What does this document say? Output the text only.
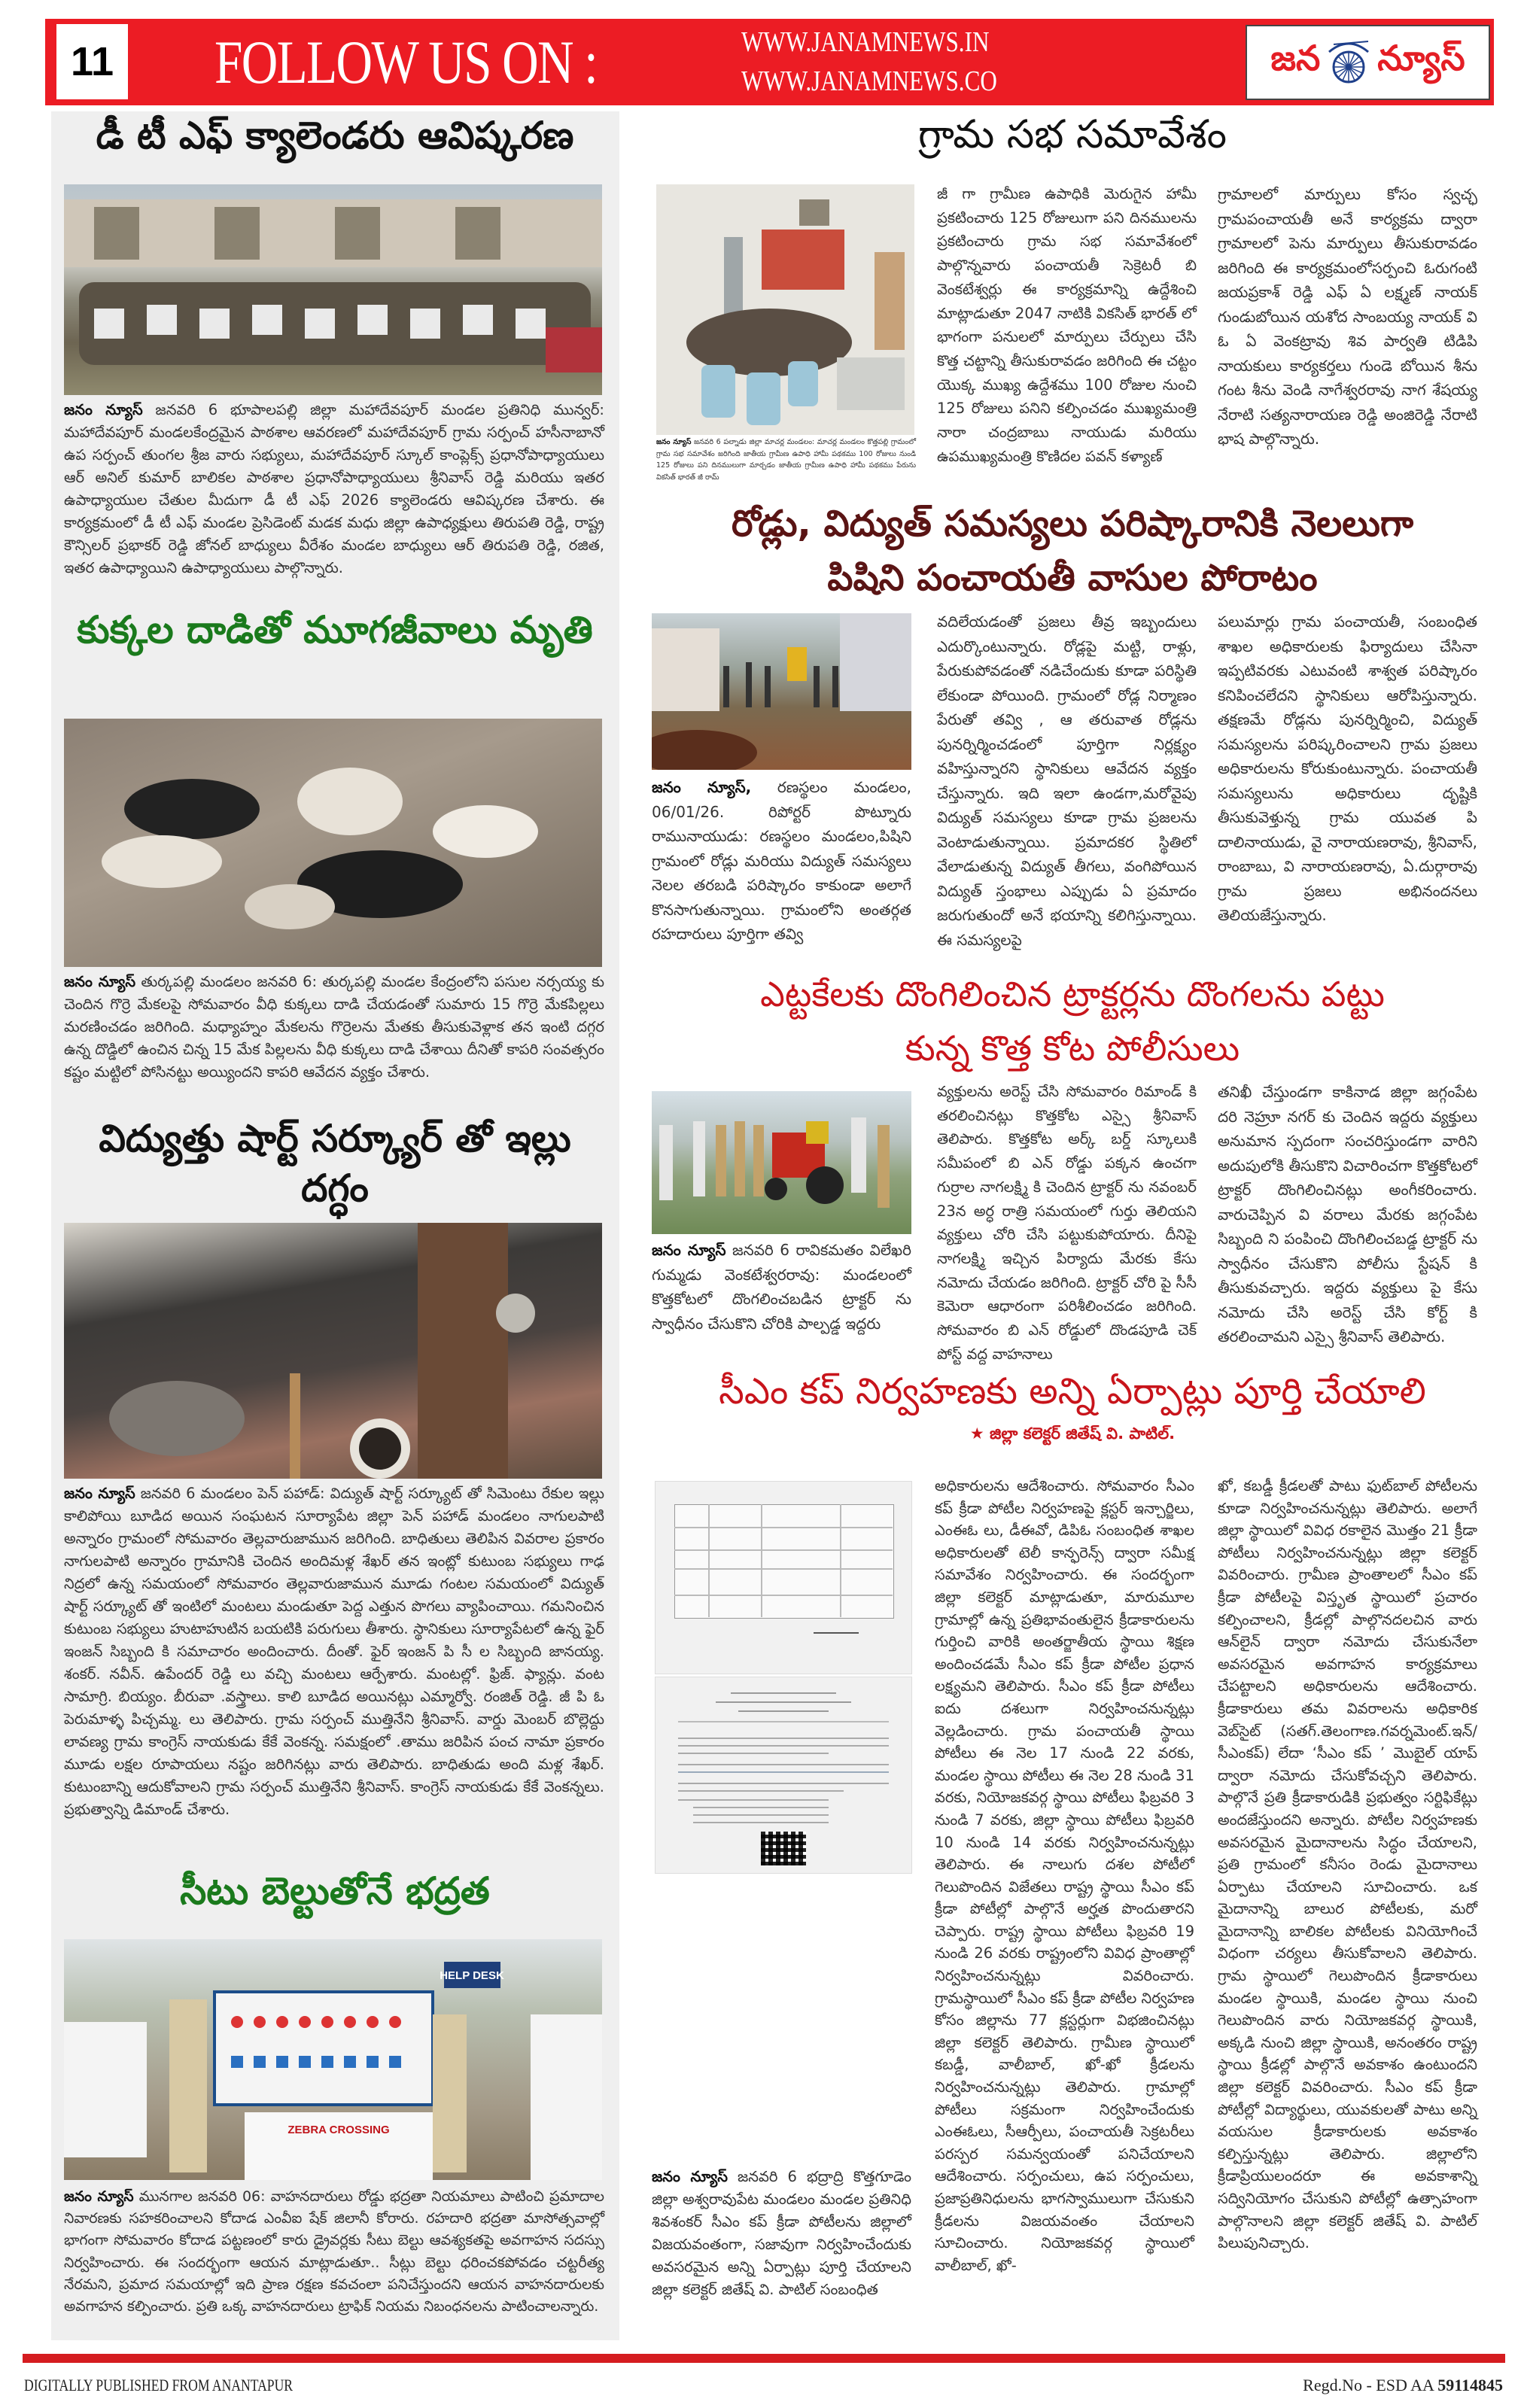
11 FOLLOW US ON :	WWW.JANAMNEWS.IN
WWW.JANAMNEWS.CO
జన న్యూస్
డీ టీ ఎఫ్ క్యాలెండరు ఆవిష్కరణ
జనం న్యూస్ జనవరి 6 భూపాలపల్లి జిల్లా మహాదేవపూర్ మండల ప్రతినిధి మున్వర్: మహాదేవపూర్ మండలకేంద్రమైన పాఠశాల ఆవరణలో మహాదేవపూర్ గ్రామ సర్పంచ్ హసీనాబానో ఉప సర్పంచ్ తుంగల శ్రీజ వారు సభ్యులు, మహాదేవపూర్ స్కూల్ కాంప్లెక్స్ ప్రధానోపాధ్యాయులు ఆర్ అనిల్ కుమార్ బాలికల పాఠశాల ప్రధానోపాధ్యాయులు శ్రీనివాస్ రెడ్డి మరియు ఇతర ఉపాధ్యాయుల చేతుల మీదుగా డీ టీ ఎఫ్ 2026 క్యాలెండరు ఆవిష్కరణ చేశారు. ఈ కార్యక్రమంలో డీ టీ ఎఫ్ మండల ప్రెసిడెంట్ మడక మధు జిల్లా ఉపాధ్యక్షులు తిరుపతి రెడ్డి, రాష్ట్ర కౌన్సిలర్ ప్రభాకర్ రెడ్డి జోనల్ బాధ్యులు వీరేశం మండల బాధ్యులు ఆర్ తిరుపతి రెడ్డి, రజిత, ఇతర ఉపాధ్యాయిని ఉపాధ్యాయులు పాల్గొన్నారు.
కుక్కల దాడితో మూగజీవాలు మృతి
జనం న్యూస్ తుర్కపల్లి మండలం జనవరి 6: తుర్కపల్లి మండల కేంద్రంలోని పసుల నర్సయ్య కు చెందిన గొర్రె మేకలపై సోమవారం వీధి కుక్కలు దాడి చేయడంతో సుమారు 15 గొర్రె మేకపిల్లలు మరణించడం జరిగింది. మధ్యాహ్నం మేకలను గొర్రెలను మేతకు తీసుకువెళ్లాక తన ఇంటి దగ్గర ఉన్న దొడ్డిలో ఉంచిన చిన్న 15 మేక పిల్లలను వీధి కుక్కలు దాడి చేశాయి దీనితో కాపరి సంవత్సరం కష్టం మట్టిలో పోసినట్టు అయ్యిందని కాపరి ఆవేదన వ్యక్తం చేశారు.
విద్యుత్తు షార్ట్ సర్క్యూర్ తో ఇల్లు దగ్ధం
జనం న్యూస్ జనవరి 6 మండలం పెన్ పహాడ్: విద్యుత్ షార్ట్ సర్క్యూట్ తో సిమెంటు రేకుల ఇల్లు కాలిపోయి బూడిద అయిన సంఘటన సూర్యాపేట జిల్లా పెన్ పహాడ్ మండలం నాగులపాటి అన్నారం గ్రామంలో సోమవారం తెల్లవారుజామున జరిగింది. బాధితులు తెలిపిన వివరాల ప్రకారం నాగులపాటి అన్నారం గ్రామానికి చెందిన అందిమళ్ల శేఖర్ తన ఇంట్లో కుటుంబ సభ్యులు గాఢ నిద్రలో ఉన్న సమయంలో సోమవారం తెల్లవారుజామున మూడు గంటల సమయంలో విద్యుత్ షార్ట్ సర్క్యూట్ తో ఇంటిలో మంటలు మండుతూ పెద్ద ఎత్తున పొగలు వ్యాపించాయి. గమనించిన కుటుంబ సభ్యులు హుటాహుటిన బయటికి పరుగులు తీశారు. స్థానికులు సూర్యాపేటలో ఉన్న ఫైర్ ఇంజన్ సిబ్బంది కి సమాచారం అందించారు. దీంతో. ఫైర్ ఇంజన్ పి సీ ల సిబ్బంది జానయ్య. శంకర్. నవీన్. ఉపేందర్ రెడ్డి లు వచ్చి మంటలు ఆర్పేశారు. మంటల్లో. ఫ్రిజ్. ఫ్యాన్లు. వంట సామాగ్రి. బియ్యం. బీరువా .వస్త్రాలు. కాలి బూడిద అయినట్లు ఎమ్మార్వో. రంజిత్ రెడ్డి. జీ పి ఓ పెరుమాళ్ళ పిచ్చమ్మ. లు తెలిపారు. గ్రామ సర్పంచ్ ముత్తినేని శ్రీనివాస్. వార్డు మెంబర్ బొల్లెద్దు లావణ్య గ్రామ కాంగ్రెస్ నాయకుడు కేకే వెంకన్న. సమక్షంలో .తాము జరిపిన పంచ నామా ప్రకారం మూడు లక్షల రూపాయలు నష్టం జరిగినట్లు వారు తెలిపారు. బాధితుడు అంది మళ్ల శేఖర్. కుటుంబాన్ని ఆదుకోవాలని గ్రామ సర్పంచ్ ముత్తినేని శ్రీనివాస్. కాంగ్రెస్ నాయకుడు కేకే వెంకన్నలు. ప్రభుత్వాన్ని డిమాండ్ చేశారు.
సీటు బెల్టుతోనే భద్రత
HELP DESK
ZEBRA CROSSING
జనం న్యూస్ మునగాల జనవరి 06: వాహనదారులు రోడ్డు భద్రతా నియమాలు పాటించి ప్రమాదాల నివారణకు సహకరించాలని కోదాడ ఎంవీఐ షేక్ జిలానీ కోరారు. రహదారి భద్రతా మాసోత్సవాల్లో భాగంగా సోమవారం కోదాడ పట్టణంలో కారు డ్రైవర్లకు సీటు బెల్టు ఆవశ్యకతపై అవగాహన సదస్సు నిర్వహించారు. ఈ సందర్భంగా ఆయన మాట్లాడుతూ.. సీట్లు బెల్టు ధరించకపోవడం చట్టరీత్య నేరమని, ప్రమాద సమయాల్లో ఇది ప్రాణ రక్షణ కవచంలా పనిచేస్తుందని ఆయన వాహనదారులకు అవగాహన కల్పించారు. ప్రతి ఒక్క వాహనదారులు ట్రాఫిక్ నియమ నిబంధనలను పాటించాలన్నారు.
గ్రామ సభ సమావేశం
జనం న్యూస్ జనవరి 6 పల్నాడు జిల్లా మాచర్ల మండలం: మాచర్ల మండలం కొత్తపల్లి గ్రామంలో గ్రామ సభ సమావేశం జరిగింది జాతీయ గ్రామీణ ఉపాధి హామీ పథకము 100 రోజులు నుండి 125 రోజులు పని దినములుగా మార్చడం జాతీయ గ్రామీణ ఉపాధి హామీ పథకము పేరును వికసిత్ భారత్ జీ రామ్
జీ గా గ్రామీణ ఉపాధికి మెరుగైన హామీ ప్రకటించారు 125 రోజులుగా పని దినములను ప్రకటించారు గ్రామ సభ సమావేశంలో పాల్గొన్నవారు పంచాయతీ సెక్రెటరీ బి వెంకటేశ్వర్లు ఈ కార్యక్రమాన్ని ఉద్దేశించి మాట్లాడుతూ 2047 నాటికి వికసిత్ భారత్ లో భాగంగా పనులలో మార్పులు చేర్పులు చేసి కొత్త చట్టాన్ని తీసుకురావడం జరిగింది ఈ చట్టం యొక్క ముఖ్య ఉద్దేశము 100 రోజుల నుంచి 125 రోజులు పనిని కల్పించడం ముఖ్యమంత్రి నారా చంద్రబాబు నాయుడు మరియు ఉపముఖ్యమంత్రి కొణిదల పవన్ కళ్యాణ్
గ్రామాలలో మార్పులు కోసం స్వచ్ఛ గ్రామపంచాయతీ అనే కార్యక్రమ ద్వారా గ్రామాలలో పెను మార్పులు తీసుకురావడం జరిగింది ఈ కార్యక్రమంలోసర్పంచి ఓరుగంటి జయప్రకాశ్ రెడ్డి ఎఫ్ ఏ లక్ష్మణ్ నాయక్ గుండుబోయిన యశోద సాంబయ్య నాయక్ వి ఓ ఏ వెంకట్రావు శివ పార్వతి టిడిపి నాయకులు కార్యకర్తలు గుండె బోయిన శీను గంట శీను వెండి నాగేశ్వరరావు నాగ శేషయ్య నేరాటి సత్యనారాయణ రెడ్డి అంజిరెడ్డి నేరాటి భాష పాల్గొన్నారు.
రోడ్లు, విద్యుత్ సమస్యలు పరిష్కారానికి నెలలుగా
పిషిని పంచాయతీ వాసుల పోరాటం
జనం న్యూస్, రణస్థలం మండలం, 06/01/26. రిపోర్టర్ పొట్నూరు రామునాయుడు: రణస్థలం మండలం,పిషిని గ్రామంలో రోడ్లు మరియు విద్యుత్ సమస్యలు నెలల తరబడి పరిష్కారం కాకుండా అలాగే కొనసాగుతున్నాయి. గ్రామంలోని అంతర్గత రహదారులు పూర్తిగా తవ్వి
వదిలేయడంతో ప్రజలు తీవ్ర ఇబ్బందులు ఎదుర్కొంటున్నారు. రోడ్లపై మట్టి, రాళ్లు, పేరుకుపోవడంతో నడిచేందుకు కూడా పరిస్థితి లేకుండా పోయింది. గ్రామంలో రోడ్ల నిర్మాణం పేరుతో తవ్వి , ఆ తరువాత రోడ్లను పునర్నిర్మించడంలో పూర్తిగా నిర్లక్ష్యం వహిస్తున్నారని స్థానికులు ఆవేదన వ్యక్తం చేస్తున్నారు. ఇది ఇలా ఉండగా,మరోవైపు విద్యుత్ సమస్యలు కూడా గ్రామ ప్రజలను వెంటాడుతున్నాయి. ప్రమాదకర స్థితిలో వేలాడుతున్న విద్యుత్ తీగలు, వంగిపోయిన విద్యుత్ స్తంభాలు ఎప్పుడు ఏ ప్రమాదం జరుగుతుందో అనే భయాన్ని కలిగిస్తున్నాయి. ఈ సమస్యలపై
పలుమార్లు గ్రామ పంచాయతీ, సంబంధిత శాఖల అధికారులకు ఫిర్యాదులు చేసినా ఇప్పటివరకు ఎటువంటి శాశ్వత పరిష్కారం కనిపించలేదని స్థానికులు ఆరోపిస్తున్నారు. తక్షణమే రోడ్లను పునర్నిర్మించి, విద్యుత్ సమస్యలను పరిష్కరించాలని గ్రామ ప్రజలు అధికారులను కోరుకుంటున్నారు. పంచాయతీ సమస్యలును అధికారులు దృష్టికి తీసుకువెళ్తున్న గ్రామ యువత పి దాలినాయుడు, వై నారాయణరావు, శ్రీనివాస్, రాంబాబు, వి నారాయణరావు, ఏ.దుర్గారావు గ్రామ ప్రజలు అభినందనలు తెలియజేస్తున్నారు.
ఎట్టకేలకు దొంగిలించిన ట్రాక్టర్లను దొంగలను పట్టు
కున్న కొత్త కోట పోలీసులు
జనం న్యూస్ జనవరి 6 రావికమతం విలేఖరి గుమ్మడు వెంకటేశ్వరరావు: మండలంలో కొత్తకోటలో దొంగలించబడిన ట్రాక్టర్ ను స్వాధీనం చేసుకొని చోరికి పాల్పడ్డ ఇద్దరు
వ్యక్తులను అరెస్ట్ చేసి సోమవారం రిమాండ్ కి తరలించినట్లు కొత్తకోట ఎస్సై శ్రీనివాస్ తెలిపారు. కొత్తకోట అర్క్ బర్డ్ స్కూలుకి సమీపంలో బి ఎన్ రోడ్డు పక్కన ఉంచగా గుర్రాల నాగలక్ష్మి కి చెందిన ట్రాక్టర్ ను నవంబర్ 23న అర్ధ రాత్రి సమయంలో గుర్తు తెలియని వ్యక్తులు చోరి చేసి పట్టుకుపోయారు. దీనిపై నాగలక్ష్మి ఇచ్చిన పిర్యాదు మేరకు కేసు నమోదు చేయడం జరిగింది. ట్రాక్టర్ చోరి పై సీసీ కెమెరా ఆధారంగా పరిశీలించడం జరిగింది. సోమవారం బి ఎన్ రోడ్డులో దొండపూడి చెక్ పోస్ట్ వద్ద వాహనాలు
తనిఖీ చేస్తుండగా కాకినాడ జిల్లా జగ్గంపేట దరి నెహ్రూ నగర్ కు చెందిన ఇద్దరు వ్యక్తులు అనుమాన స్పదంగా సంచరిస్తుండగా వారిని అదుపులోకి తీసుకొని విచారించగా కొత్తకోటలో ట్రాక్టర్ దొంగిలించినట్లు అంగీకరించారు. వారుచెప్పిన వి వరాలు మేరకు జగ్గంపేట సిబ్బంది ని పంపించి దొంగిలించబడ్డ ట్రాక్టర్ ను స్వాధీనం చేసుకొని పోలీసు స్టేషన్ కి తీసుకువచ్చారు. ఇద్దరు వ్యక్తులు పై కేసు నమోదు చేసి అరెస్ట్ చేసి కోర్ట్ కి తరలించామని ఎస్సై శ్రీనివాస్ తెలిపారు.
సీఎం కప్ నిర్వహణకు అన్ని ఏర్పాట్లు పూర్తి చేయాలి
★ జిల్లా కలెక్టర్ జితేష్ వి. పాటిల్.
జనం న్యూస్ జనవరి 6 భద్రాద్రి కొత్తగూడెం జిల్లా అశ్వరావుపేట మండలం మండల ప్రతినిధి శివశంకర్ సీఎం కప్ క్రీడా పోటీలను జిల్లాలో విజయవంతంగా, సజావుగా నిర్వహించేందుకు అవసరమైన అన్ని ఏర్పాట్లు పూర్తి చేయాలని జిల్లా కలెక్టర్ జితేష్ వి. పాటిల్ సంబంధిత
అధికారులను ఆదేశించారు. సోమవారం సీఎం కప్ క్రీడా పోటీల నిర్వహణపై క్లస్టర్ ఇన్చార్జిలు, ఎంఈఓ లు, డీఈవో, డిపిఓ సంబంధిత శాఖల అధికారులతో టెలీ కాన్ఫరెన్స్ ద్వారా సమీక్ష సమావేశం నిర్వహించారు. ఈ సందర్భంగా జిల్లా కలెక్టర్ మాట్లాడుతూ, మారుమూల గ్రామాల్లో ఉన్న ప్రతిభావంతులైన క్రీడాకారులను గుర్తించి వారికి అంతర్జాతీయ స్థాయి శిక్షణ అందించడమే సీఎం కప్ క్రీడా పోటీల ప్రధాన లక్ష్యమని తెలిపారు. సీఎం కప్ క్రీడా పోటీలు ఐదు దశలుగా నిర్వహించనున్నట్లు వెల్లడించారు. గ్రామ పంచాయతీ స్థాయి పోటీలు ఈ నెల 17 నుండి 22 వరకు, మండల స్థాయి పోటీలు ఈ నెల 28 నుండి 31 వరకు, నియోజకవర్గ స్థాయి పోటీలు ఫిబ్రవరి 3 నుండి 7 వరకు, జిల్లా స్థాయి పోటీలు ఫిబ్రవరి 10 నుండి 14 వరకు నిర్వహించనున్నట్లు తెలిపారు. ఈ నాలుగు దశల పోటీలో గెలుపొందిన విజేతలు రాష్ట్ర స్థాయి సీఎం కప్ క్రీడా పోటీల్లో పాల్గొనే అర్హత పొందుతారని చెప్పారు. రాష్ట్ర స్థాయి పోటీలు ఫిబ్రవరి 19 నుండి 26 వరకు రాష్ట్రంలోని వివిధ ప్రాంతాల్లో నిర్వహించనున్నట్లు వివరించారు. గ్రామస్థాయిలో సీఎం కప్ క్రీడా పోటీల నిర్వహణ కోసం జిల్లాను 77 క్లస్టర్లుగా విభజించినట్లు జిల్లా కలెక్టర్ తెలిపారు. గ్రామీణ స్థాయిలో కబడ్డీ, వాలీబాల్, ఖో-ఖో క్రీడలను నిర్వహించనున్నట్లు తెలిపారు. గ్రామాల్లో పోటీలు సక్రమంగా నిర్వహించేందుకు ఎంఈఓలు, సీఆర్పీలు, పంచాయతీ సెక్రటరీలు పరస్పర సమన్వయంతో పనిచేయాలని ఆదేశించారు. సర్పంచులు, ఉప సర్పంచులు, ప్రజాప్రతినిధులను భాగస్వాములుగా చేసుకుని క్రీడలను విజయవంతం చేయాలని సూచించారు. నియోజకవర్గ స్థాయిలో వాలీబాల్, ఖో-
ఖో, కబడ్డీ క్రీడలతో పాటు ఫుట్‌బాల్ పోటీలను కూడా నిర్వహించనున్నట్లు తెలిపారు. అలాగే జిల్లా స్థాయిలో వివిధ రకాలైన మొత్తం 21 క్రీడా పోటీలు నిర్వహించనున్నట్లు జిల్లా కలెక్టర్ వివరించారు. గ్రామీణ ప్రాంతాలలో సీఎం కప్ క్రీడా పోటీలపై విస్తృత స్థాయిలో ప్రచారం కల్పించాలని, క్రీడల్లో పాల్గొనదలచిన వారు ఆన్‌లైన్ ద్వారా నమోదు చేసుకునేలా అవసరమైన అవగాహన కార్యక్రమాలు చేపట్టాలని అధికారులను ఆదేశించారు. క్రీడాకారులు తమ వివరాలను అధికారిక వెబ్‌సైట్ (సతగ్.తెలంగాణ.గవర్నమెంట్.ఇన్/ సీఎంకప్) లేదా ‘సీఎం కప్ ’ మొబైల్ యాప్ ద్వారా నమోదు చేసుకోవచ్చని తెలిపారు. పాల్గొనే ప్రతి క్రీడాకారుడికి ప్రభుత్వం సర్టిఫికేట్లు అందజేస్తుందని అన్నారు. పోటీల నిర్వహణకు అవసరమైన మైదానాలను సిద్ధం చేయాలని, ప్రతి గ్రామంలో కనీసం రెండు మైదానాలు ఏర్పాటు చేయాలని సూచించారు. ఒక మైదానాన్ని బాలుర పోటీలకు, మరో మైదానాన్ని బాలికల పోటీలకు వినియోగించే విధంగా చర్యలు తీసుకోవాలని తెలిపారు. గ్రామ స్థాయిలో గెలుపొందిన క్రీడాకారులు మండల స్థాయికి, మండల స్థాయి నుంచి గెలుపొందిన వారు నియోజకవర్గ స్థాయికి, అక్కడి నుంచి జిల్లా స్థాయికి, అనంతరం రాష్ట్ర స్థాయి క్రీడల్లో పాల్గొనే అవకాశం ఉంటుందని జిల్లా కలెక్టర్ వివరించారు. సీఎం కప్ క్రీడా పోటీల్లో విద్యార్థులు, యువకులతో పాటు అన్ని వయసుల క్రీడాకారులకు అవకాశం కల్పిస్తున్నట్లు తెలిపారు. జిల్లాలోని క్రీడాప్రియులందరూ ఈ అవకాశాన్ని సద్వినియోగం చేసుకుని పోటీల్లో ఉత్సాహంగా పాల్గొనాలని జిల్లా కలెక్టర్ జితేష్ వి. పాటిల్ పిలుపునిచ్చారు.
DIGITALLY PUBLISHED FROM ANANTAPUR	Regd.No - ESD AA 59114845
